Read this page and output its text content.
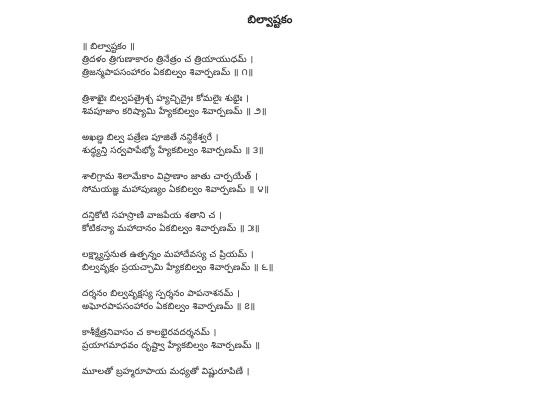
బిల్వాష్టకం
॥ బిల్వాష్టకం ॥
త్రిదళం త్రిగుణాకారం త్రినేత్రం చ త్రియాయుధమ్ ।
త్రిజన్మపాపసంహారం ఏకబిల్వం శివార్పణమ్ ॥ ౧॥
త్రిశాఖైః బిల్వపత్రైశ్చ హ్యచ్ఛిద్రైః కోమలైః శుభైః ।
శివపూజాం కరిష్యామి హ్యేకబిల్వం శివార్పణమ్ ॥ ౨॥
అఖణ్డ బిల్వ పత్రేణ పూజితే నన్దికేశ్వరే ।
శుద్ధ్యన్తి సర్వపాపేభ్యో హ్యేకబిల్వం శివార్పణమ్ ॥ ౩॥
శాలిగ్రామ శిలామేకాం విప్రాణాం జాతు చార్పయేత్ ।
సోమయజ్ఞ మహాపుణ్యం ఏకబిల్వం శివార్పణమ్ ॥ ౪॥
దన్తికోటి సహస్రాణి వాజపేయ శతాని చ ।
కోటికన్యా మహాదానం ఏకబిల్వం శివార్పణమ్ ॥ ౫॥
లక్ష్మ్యాస్తనుత ఉత్పన్నం మహాదేవస్య చ ప్రియమ్ ।
బిల్వవృక్షం ప్రయచ్ఛామి హ్యేకబిల్వం శివార్పణమ్ ॥ ౬॥
దర్శనం బిల్వవృక్షస్య స్పర్శనం పాపనాశనమ్ ।
అఘోరపాపసంహారం ఏకబిల్వం శివార్పణమ్ ॥ ౭॥
కాశీక్షేత్రనివాసం చ కాలభైరవదర్శనమ్ ।
ప్రయాగమాధవం దృష్ట్వా హ్యేకబిల్వం శివార్పణమ్ ॥
మూలతో బ్రహ్మరూపాయ మధ్యతో విష్ణురూపిణే ।
